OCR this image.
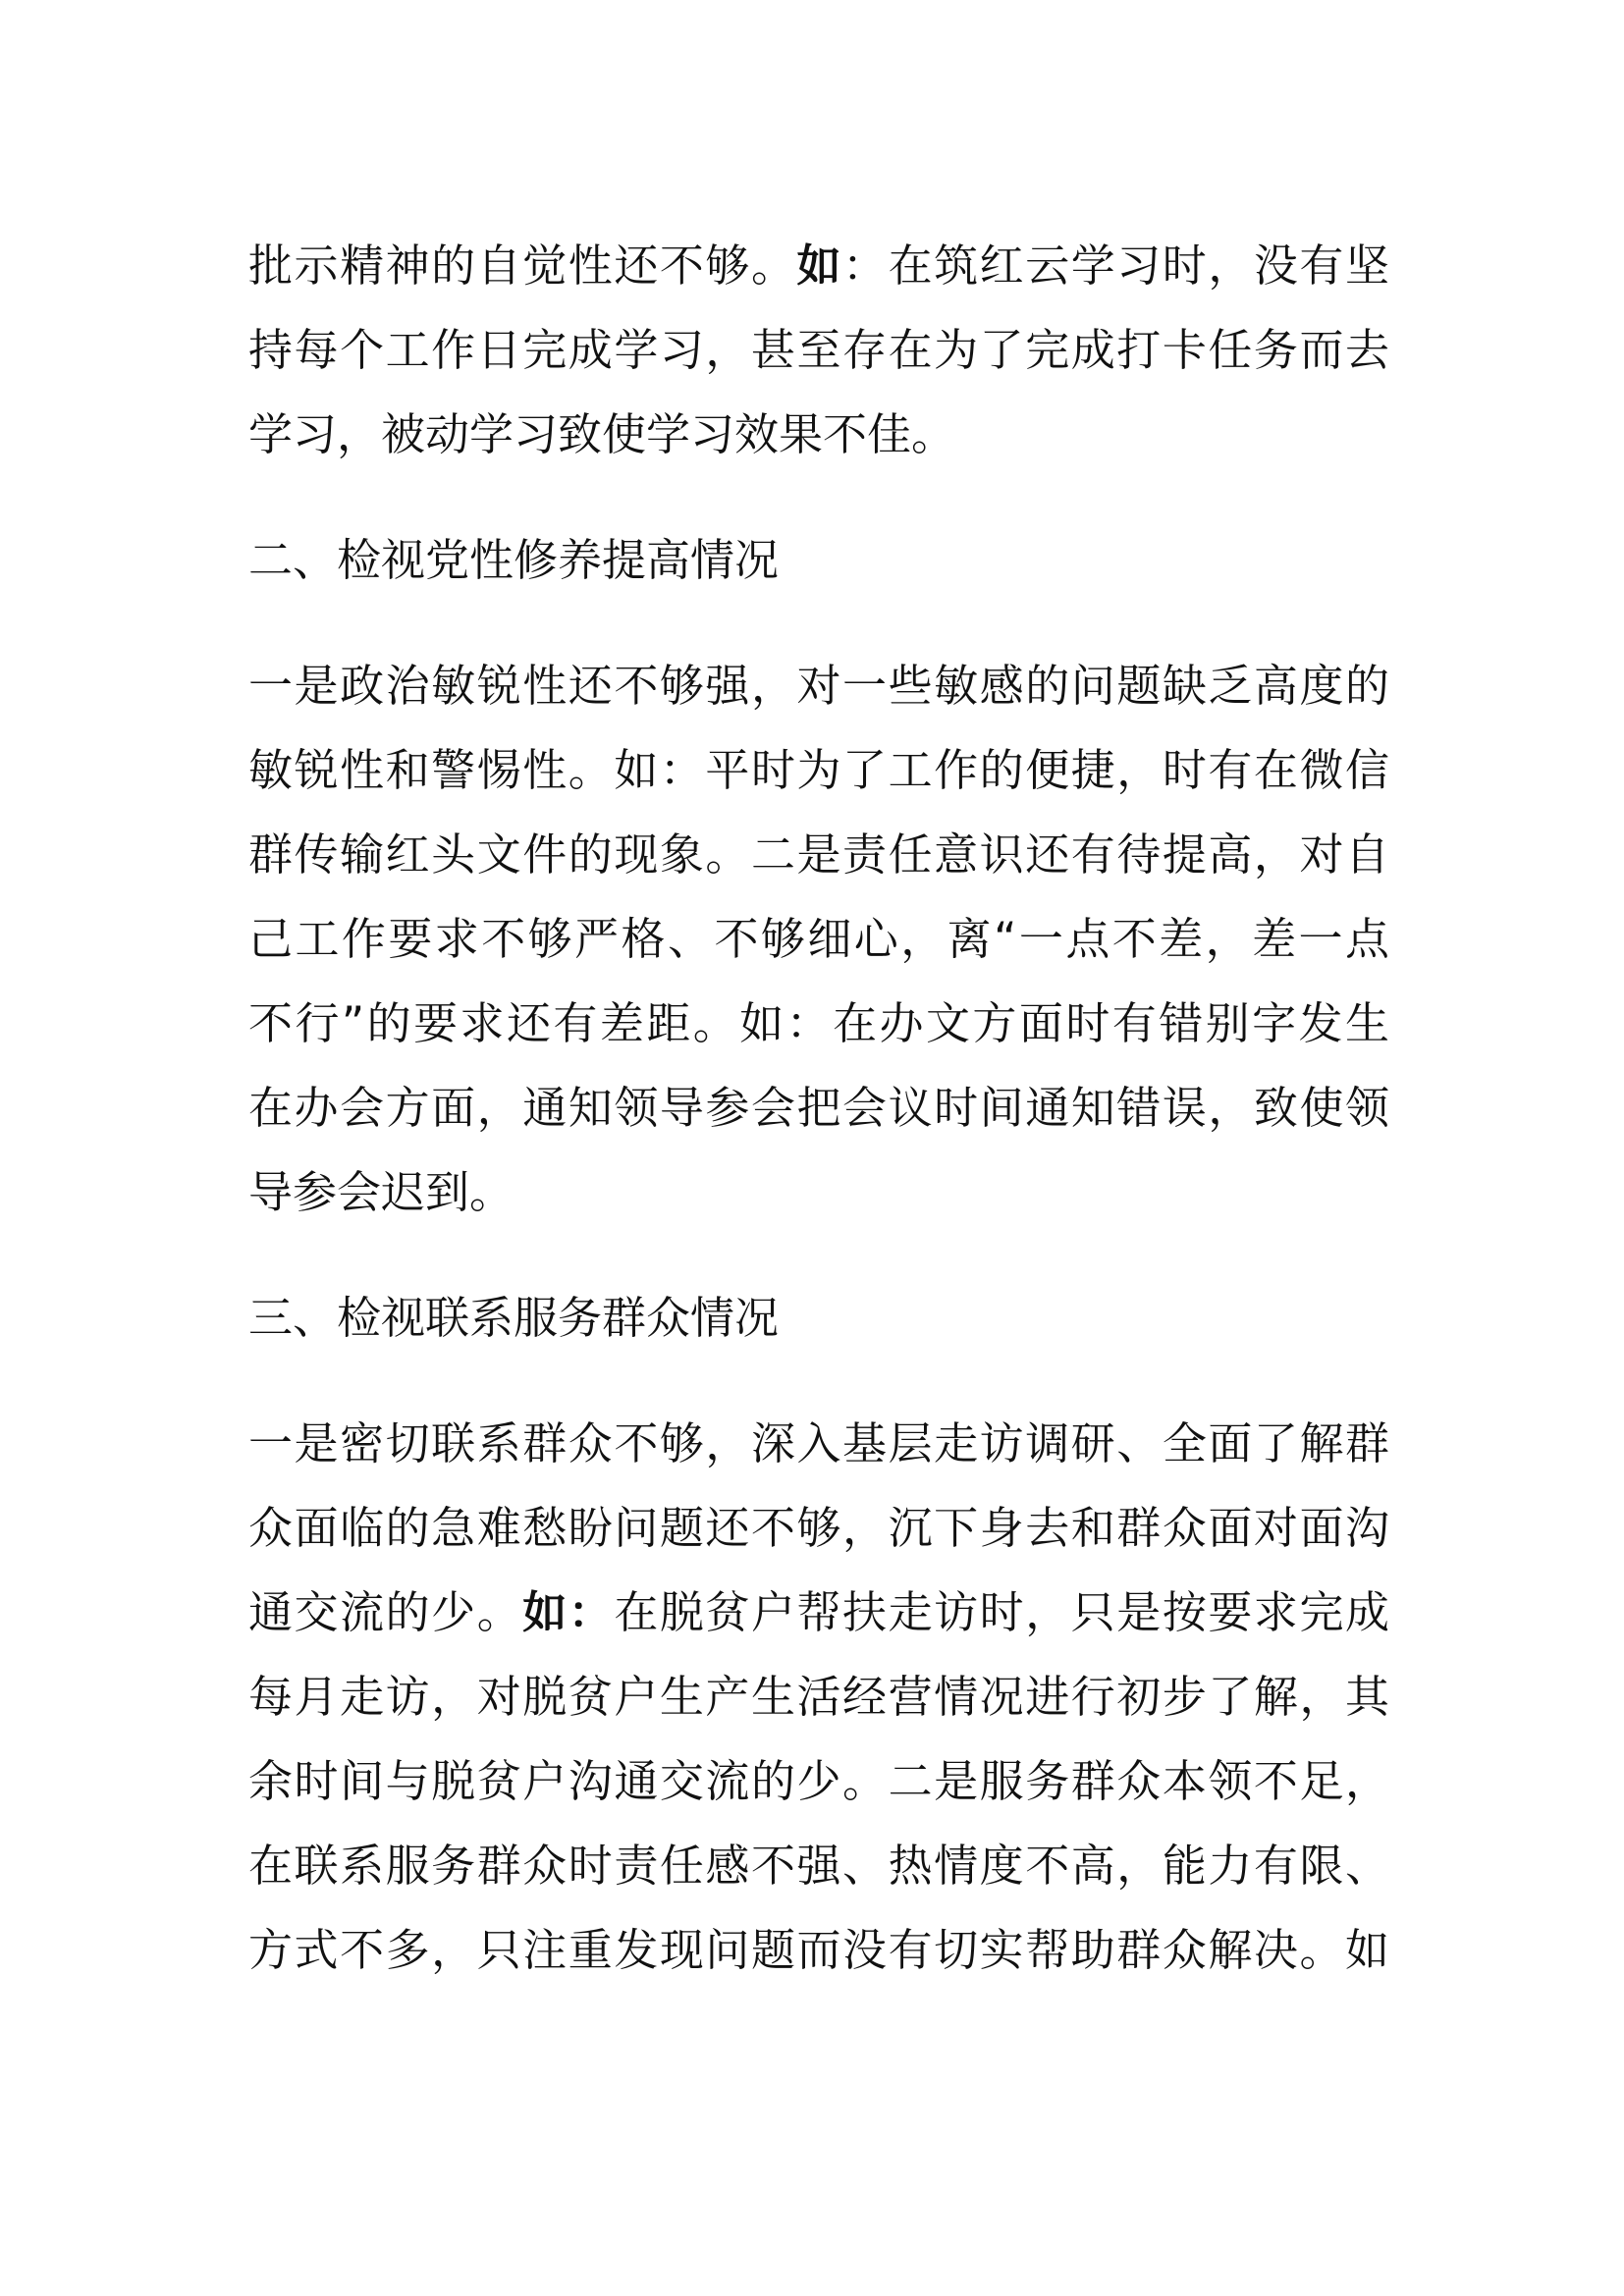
批示精神的自觉性还不够。如：在筑红云学习时，没有坚
持每个工作日完成学习，甚至存在为了完成打卡任务而去
学习，被动学习致使学习效果不佳。
二、检视党性修养提高情况
一是政治敏锐性还不够强，对一些敏感的问题缺乏高度的
敏锐性和警惕性。如：平时为了工作的便捷，时有在微信
群传输红头文件的现象。二是责任意识还有待提高，对自
己工作要求不够严格、不够细心，离“一点不差，差一点
不行”的要求还有差距。如：在办文方面时有错别字发生
在办会方面，通知领导参会把会议时间通知错误，致使领
导参会迟到。
三、检视联系服务群众情况
一是密切联系群众不够，深入基层走访调研、全面了解群
众面临的急难愁盼问题还不够，沉下身去和群众面对面沟
通交流的少。如：在脱贫户帮扶走访时，只是按要求完成
每月走访，对脱贫户生产生活经营情况进行初步了解，其
余时间与脱贫户沟通交流的少。二是服务群众本领不足，
在联系服务群众时责任感不强、热情度不高，能力有限、
方式不多，只注重发现问题而没有切实帮助群众解决。如
